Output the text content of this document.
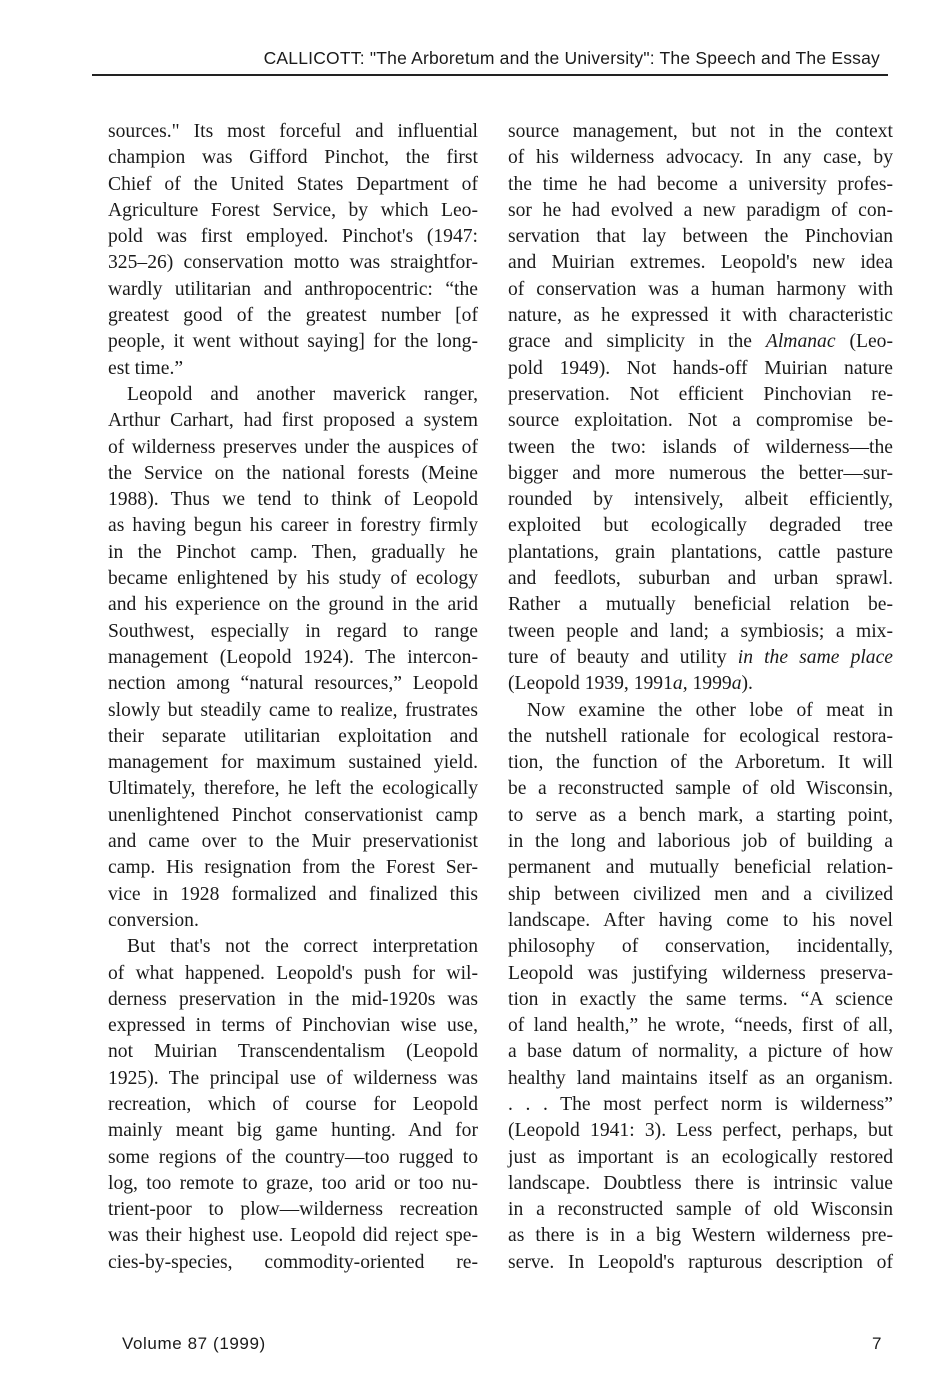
CALLICOTT: "The Arboretum and the University": The Speech and The Essay
sources." Its most forceful and influential
champion was Gifford Pinchot, the first
Chief of the United States Department of
Agriculture Forest Service, by which Leo-
pold was first employed. Pinchot's (1947:
325–26) conservation motto was straightfor-
wardly utilitarian and anthropocentric: “the
greatest good of the greatest number [of
people, it went without saying] for the long-
est time.”
Leopold and another maverick ranger,
Arthur Carhart, had first proposed a system
of wilderness preserves under the auspices of
the Service on the national forests (Meine
1988). Thus we tend to think of Leopold
as having begun his career in forestry firmly
in the Pinchot camp. Then, gradually he
became enlightened by his study of ecology
and his experience on the ground in the arid
Southwest, especially in regard to range
management (Leopold 1924). The intercon-
nection among “natural resources,” Leopold
slowly but steadily came to realize, frustrates
their separate utilitarian exploitation and
management for maximum sustained yield.
Ultimately, therefore, he left the ecologically
unenlightened Pinchot conservationist camp
and came over to the Muir preservationist
camp. His resignation from the Forest Ser-
vice in 1928 formalized and finalized this
conversion.
But that's not the correct interpretation
of what happened. Leopold's push for wil-
derness preservation in the mid-1920s was
expressed in terms of Pinchovian wise use,
not Muirian Transcendentalism (Leopold
1925). The principal use of wilderness was
recreation, which of course for Leopold
mainly meant big game hunting. And for
some regions of the country—too rugged to
log, too remote to graze, too arid or too nu-
trient-poor to plow—wilderness recreation
was their highest use. Leopold did reject spe-
cies-by-species, commodity-oriented re-
source management, but not in the context
of his wilderness advocacy. In any case, by
the time he had become a university profes-
sor he had evolved a new paradigm of con-
servation that lay between the Pinchovian
and Muirian extremes. Leopold's new idea
of conservation was a human harmony with
nature, as he expressed it with characteristic
grace and simplicity in the Almanac (Leo-
pold 1949). Not hands-off Muirian nature
preservation. Not efficient Pinchovian re-
source exploitation. Not a compromise be-
tween the two: islands of wilderness—the
bigger and more numerous the better—sur-
rounded by intensively, albeit efficiently,
exploited but ecologically degraded tree
plantations, grain plantations, cattle pasture
and feedlots, suburban and urban sprawl.
Rather a mutually beneficial relation be-
tween people and land; a symbiosis; a mix-
ture of beauty and utility in the same place
(Leopold 1939, 1991a, 1999a).
Now examine the other lobe of meat in
the nutshell rationale for ecological restora-
tion, the function of the Arboretum. It will
be a reconstructed sample of old Wisconsin,
to serve as a bench mark, a starting point,
in the long and laborious job of building a
permanent and mutually beneficial relation-
ship between civilized men and a civilized
landscape. After having come to his novel
philosophy of conservation, incidentally,
Leopold was justifying wilderness preserva-
tion in exactly the same terms. “A science
of land health,” he wrote, “needs, first of all,
a base datum of normality, a picture of how
healthy land maintains itself as an organism.
. . . The most perfect norm is wilderness”
(Leopold 1941: 3). Less perfect, perhaps, but
just as important is an ecologically restored
landscape. Doubtless there is intrinsic value
in a reconstructed sample of old Wisconsin
as there is in a big Western wilderness pre-
serve. In Leopold's rapturous description of
Volume 87 (1999)	7
